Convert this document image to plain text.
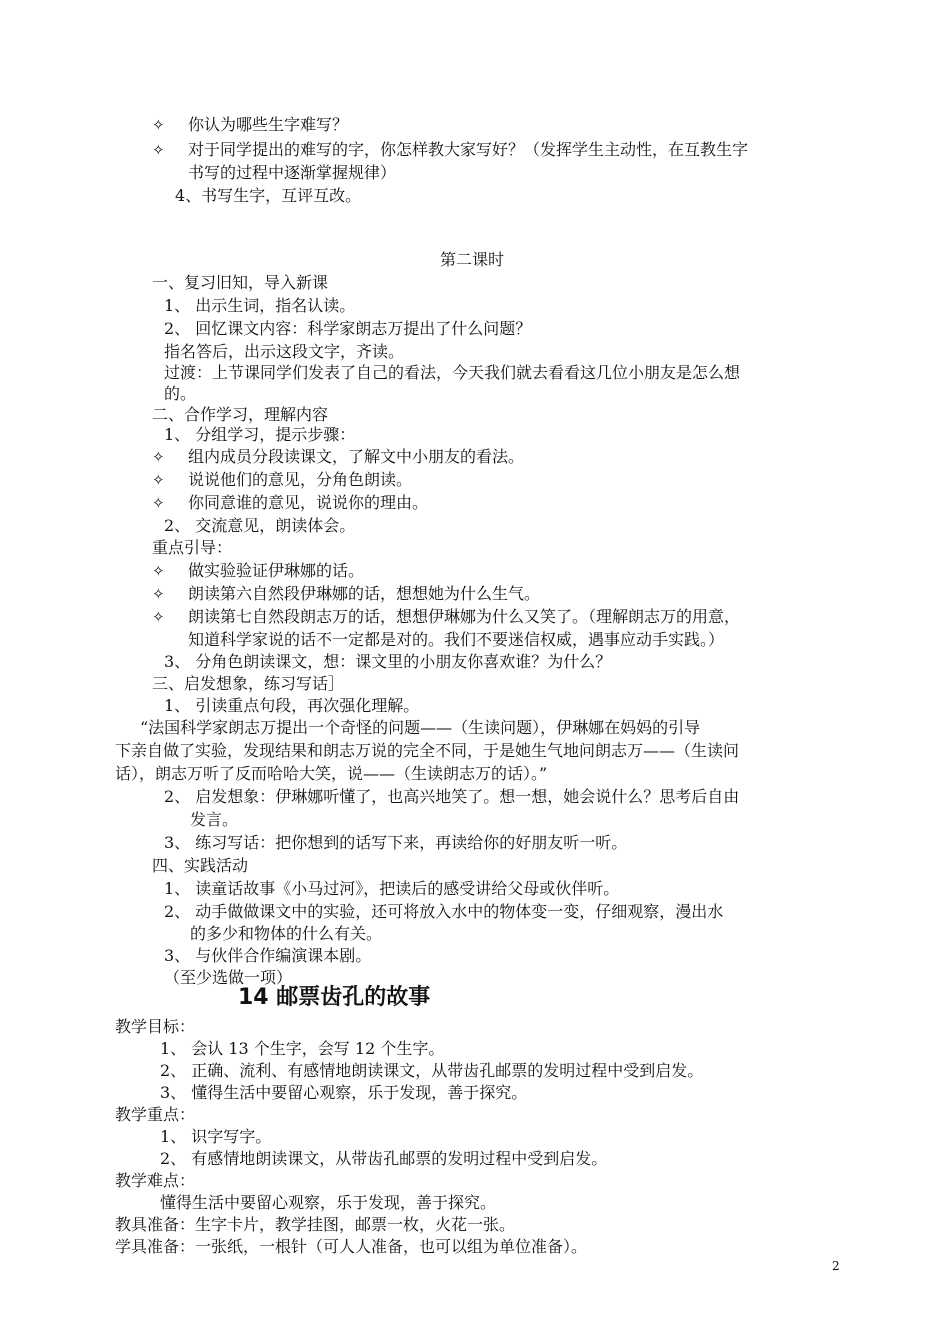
✧
✧
✧
✧
✧
✧
✧
✧
你认为哪些生字难写？
对于同学提出的难写的字，你怎样教大家写好？（发挥学生主动性，在互教生字
书写的过程中逐渐掌握规律）
4、书写生字，互评互改。
第二课时
一、复习旧知，导入新课
1、 出示生词，指名认读。
2、 回忆课文内容：科学家朗志万提出了什么问题？
指名答后，出示这段文字，齐读。
过渡：上节课同学们发表了自己的看法，今天我们就去看看这几位小朋友是怎么想
的。
二、合作学习，理解内容
1、 分组学习，提示步骤：
组内成员分段读课文，了解文中小朋友的看法。
说说他们的意见，分角色朗读。
你同意谁的意见，说说你的理由。
2、 交流意见，朗读体会。
重点引导：
做实验验证伊琳娜的话。
朗读第六自然段伊琳娜的话，想想她为什么生气。
朗读第七自然段朗志万的话，想想伊琳娜为什么又笑了。（理解朗志万的用意，
知道科学家说的话不一定都是对的。我们不要迷信权威，遇事应动手实践。）
3、 分角色朗读课文，想：课文里的小朋友你喜欢谁？为什么？
三、启发想象，练习写话］
1、 引读重点句段，再次强化理解。
“法国科学家朗志万提出一个奇怪的问题——（生读问题），伊琳娜在妈妈的引导
下亲自做了实验，发现结果和朗志万说的完全不同，于是她生气地问朗志万——（生读问
话），朗志万听了反而哈哈大笑，说——（生读朗志万的话）。”
2、 启发想象：伊琳娜听懂了，也高兴地笑了。想一想，她会说什么？思考后自由
发言。
3、 练习写话：把你想到的话写下来，再读给你的好朋友听一听。
四、实践活动
1、 读童话故事《小马过河》，把读后的感受讲给父母或伙伴听。
2、 动手做做课文中的实验，还可将放入水中的物体变一变，仔细观察，漫出水
的多少和物体的什么有关。
3、 与伙伴合作编演课本剧。
（至少选做一项）
14 邮票齿孔的故事
教学目标：
1、 会认 13 个生字，会写 12 个生字。
2、 正确、流利、有感情地朗读课文，从带齿孔邮票的发明过程中受到启发。
3、 懂得生活中要留心观察，乐于发现，善于探究。
教学重点：
1、 识字写字。
2、 有感情地朗读课文，从带齿孔邮票的发明过程中受到启发。
教学难点：
懂得生活中要留心观察，乐于发现，善于探究。
教具准备：生字卡片，教学挂图，邮票一枚，火花一张。
学具准备：一张纸，一根针（可人人准备，也可以组为单位准备）。
2
